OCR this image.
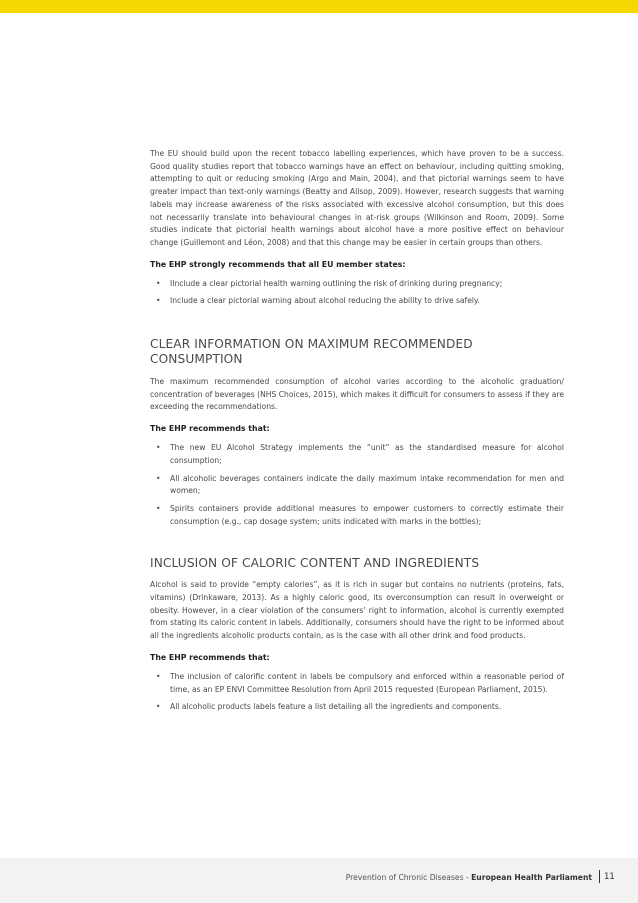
The EU should build upon the recent tobacco labelling experiences, which have proven to be a success. Good quality studies report that tobacco warnings have an effect on behaviour, including quitting smoking, attempting to quit or reducing smoking (Argo and Main, 2004), and that pictorial warnings seem to have greater impact than text-only warnings (Beatty and Allsop, 2009). However, research suggests that warning labels may increase awareness of the risks associated with excessive alcohol consumption, but this does not necessarily translate into behavioural changes in at-risk groups (Wilkinson and Room, 2009). Some studies indicate that pictorial health warnings about alcohol have a more positive effect on behaviour change (Guillemont and Léon, 2008) and that this change may be easier in certain groups than others.

The EHP strongly recommends that all EU member states:

• IInclude a clear pictorial health warning outlining the risk of drinking during pregnancy;
• Include a clear pictorial warning about alcohol reducing the ability to drive safely.
CLEAR INFORMATION ON MAXIMUM RECOMMENDED CONSUMPTION

The maximum recommended consumption of alcohol varies according to the alcoholic graduation/ concentration of beverages (NHS Choices, 2015), which makes it difficult for consumers to assess if they are exceeding the recommendations.

The EHP recommends that:

• The new EU Alcohol Strategy implements the “unit” as the standardised measure for alcohol consumption;
• All alcoholic beverages containers indicate the daily maximum intake recommendation for men and women;
• Spirits containers provide additional measures to empower customers to correctly estimate their consumption (e.g., cap dosage system; units indicated with marks in the bottles);
INCLUSION OF CALORIC CONTENT AND INGREDIENTS

Alcohol is said to provide “empty calories”, as it is rich in sugar but contains no nutrients (proteins, fats, vitamins) (Drinkaware, 2013). As a highly caloric good, its overconsumption can result in overweight or obesity. However, in a clear violation of the consumers’ right to information, alcohol is currently exempted from stating its caloric content in labels. Additionally, consumers should have the right to be informed about all the ingredients alcoholic products contain, as is the case with all other drink and food products.

The EHP recommends that:

• The inclusion of calorific content in labels be compulsory and enforced within a reasonable period of time, as an EP ENVI Committee Resolution from April 2015 requested (European Parliament, 2015).
• All alcoholic products labels feature a list detailing all the ingredients and components.
Prevention of Chronic Diseases - European Health Parliament 11
